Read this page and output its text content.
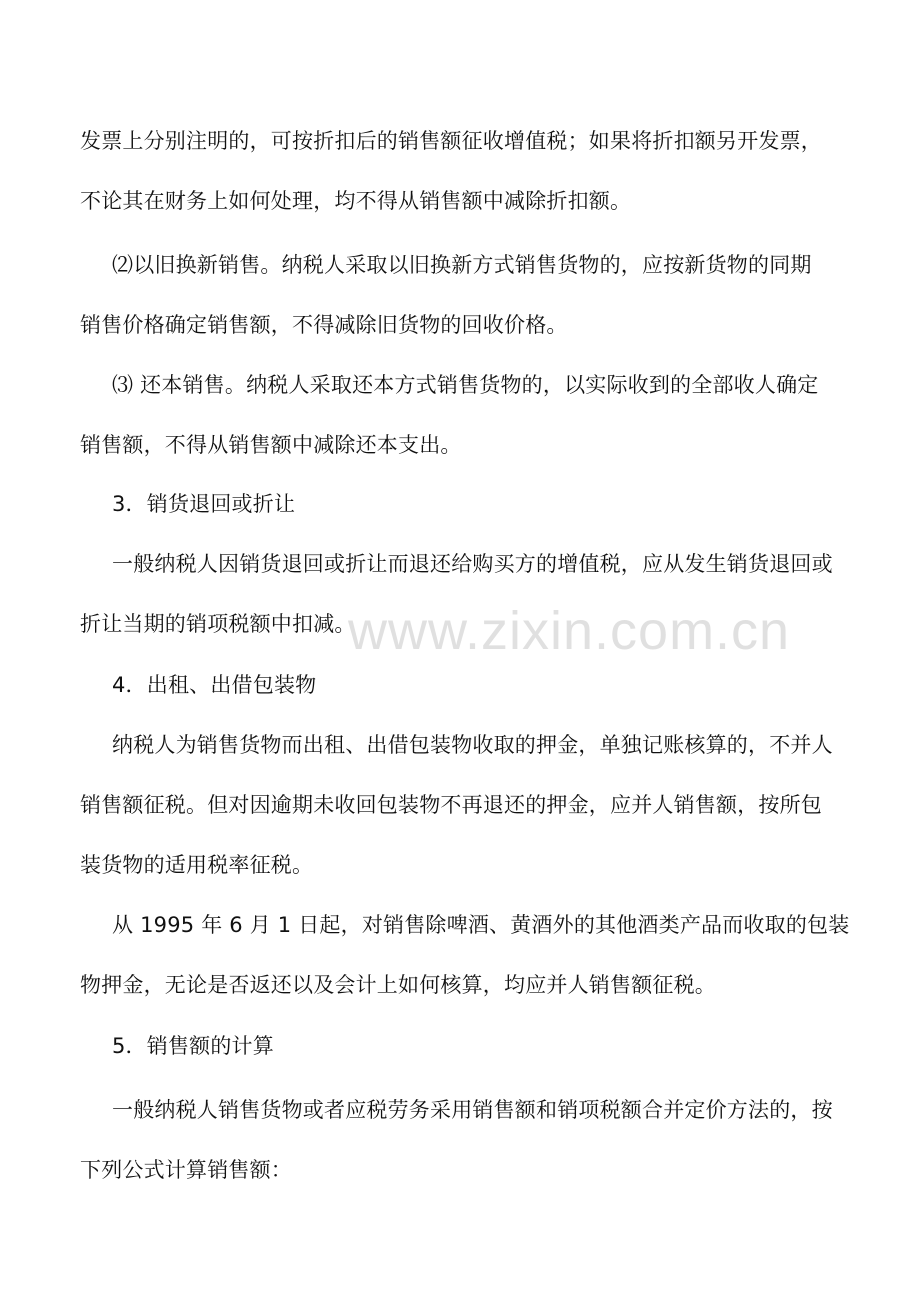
发票上分别注明的，可按折扣后的销售额征收增值税；如果将折扣额另开发票，
不论其在财务上如何处理，均不得从销售额中减除折扣额。
⑵以旧换新销售。纳税人采取以旧换新方式销售货物的，应按新货物的同期
销售价格确定销售额，不得减除旧货物的回收价格。
⑶ 还本销售。纳税人采取还本方式销售货物的，以实际收到的全部收人确定
销售额，不得从销售额中减除还本支出。
3．销货退回或折让
一般纳税人因销货退回或折让而退还给购买方的增值税，应从发生销货退回或
折让当期的销项税额中扣减。
4．出租、出借包装物
纳税人为销售货物而出租、出借包装物收取的押金，单独记账核算的，不并人
销售额征税。但对因逾期未收回包装物不再退还的押金，应并人销售额，按所包
装货物的适用税率征税。
从 1995 年 6 月 1 日起，对销售除啤酒、黄酒外的其他酒类产品而收取的包装
物押金，无论是否返还以及会计上如何核算，均应并人销售额征税。
5．销售额的计算
一般纳税人销售货物或者应税劳务采用销售额和销项税额合并定价方法的，按
下列公式计算销售额：
www.zixin.com.cn
